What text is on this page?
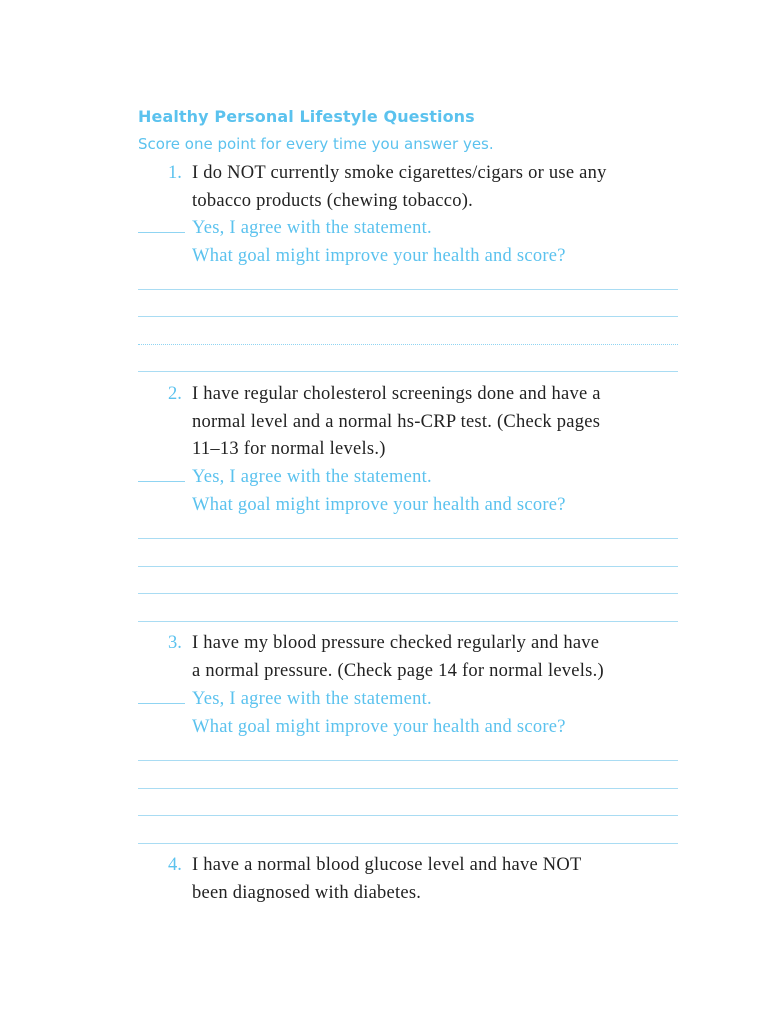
Healthy Personal Lifestyle Questions
Score one point for every time you answer yes.
1. I do NOT currently smoke cigarettes/cigars or use any
tobacco products (chewing tobacco).
Yes, I agree with the statement.
What goal might improve your health and score?
2. I have regular cholesterol screenings done and have a
normal level and a normal hs-CRP test. (Check pages
11–13 for normal levels.)
Yes, I agree with the statement.
What goal might improve your health and score?
3. I have my blood pressure checked regularly and have
a normal pressure. (Check page 14 for normal levels.)
Yes, I agree with the statement.
What goal might improve your health and score?
4. I have a normal blood glucose level and have NOT
been diagnosed with diabetes.
